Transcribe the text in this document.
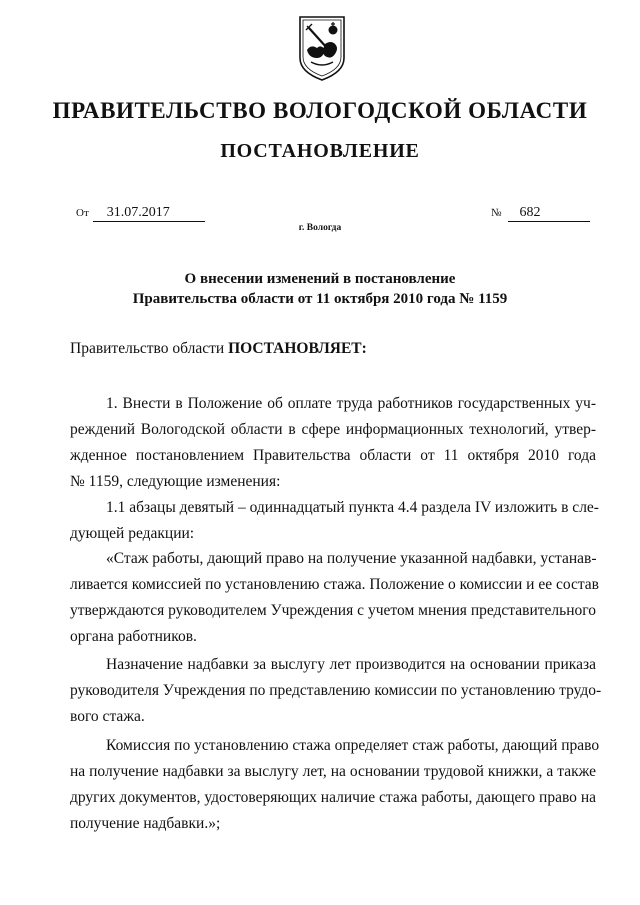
ПРАВИТЕЛЬСТВО ВОЛОГОДСКОЙ ОБЛАСТИ
ПОСТАНОВЛЕНИЕ
От 31.07.2017	№ 682
г. Вологда
О внесении изменений в постановление
Правительства области от 11 октября 2010 года № 1159
Правительство области ПОСТАНОВЛЯЕТ:
1. Внести в Положение об оплате труда работников государственных уч-
реждений Вологодской области в сфере информационных технологий, утвер-
жденное постановлением Правительства области от 11 октября 2010 года
№ 1159, следующие изменения:
1.1 абзацы девятый – одиннадцатый пункта 4.4 раздела IV изложить в сле-
дующей редакции:
«Стаж работы, дающий право на получение указанной надбавки, устанав-
ливается комиссией по установлению стажа. Положение о комиссии и ее состав
утверждаются руководителем Учреждения с учетом мнения представительного
органа работников.
Назначение надбавки за выслугу лет производится на основании приказа
руководителя Учреждения по представлению комиссии по установлению трудо-
вого стажа.
Комиссия по установлению стажа определяет стаж работы, дающий право
на получение надбавки за выслугу лет, на основании трудовой книжки, а также
других документов, удостоверяющих наличие стажа работы, дающего право на
получение надбавки.»;
